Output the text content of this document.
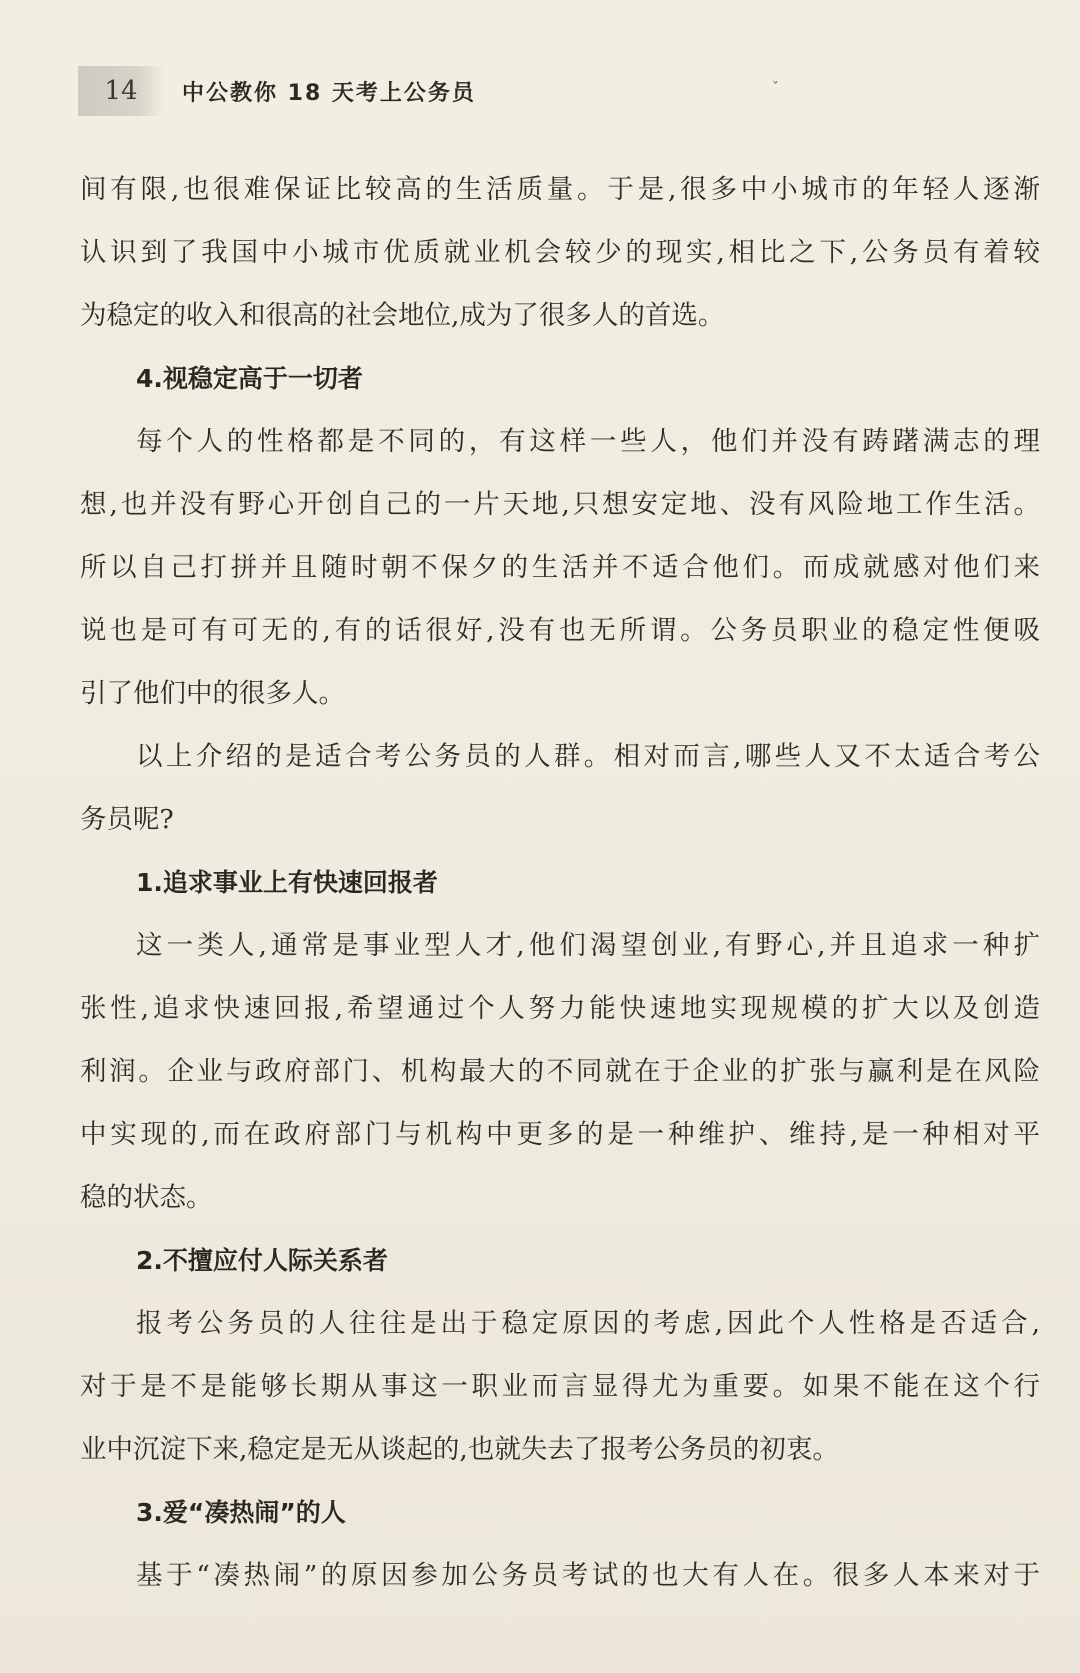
14	中公教你 18 天考上公务员	ˇ
间有限,也很难保证比较高的生活质量。于是,很多中小城市的年轻人逐渐
认识到了我国中小城市优质就业机会较少的现实,相比之下,公务员有着较
为稳定的收入和很高的社会地位,成为了很多人的首选。
4.视稳定高于一切者
每个人的性格都是不同的，有这样一些人，他们并没有踌躇满志的理
想,也并没有野心开创自己的一片天地,只想安定地、没有风险地工作生活。
所以自己打拼并且随时朝不保夕的生活并不适合他们。而成就感对他们来
说也是可有可无的,有的话很好,没有也无所谓。公务员职业的稳定性便吸
引了他们中的很多人。
以上介绍的是适合考公务员的人群。相对而言,哪些人又不太适合考公
务员呢?
1.追求事业上有快速回报者
这一类人,通常是事业型人才,他们渴望创业,有野心,并且追求一种扩
张性,追求快速回报,希望通过个人努力能快速地实现规模的扩大以及创造
利润。企业与政府部门、机构最大的不同就在于企业的扩张与赢利是在风险
中实现的,而在政府部门与机构中更多的是一种维护、维持,是一种相对平
稳的状态。
2.不擅应付人际关系者
报考公务员的人往往是出于稳定原因的考虑,因此个人性格是否适合,
对于是不是能够长期从事这一职业而言显得尤为重要。如果不能在这个行
业中沉淀下来,稳定是无从谈起的,也就失去了报考公务员的初衷。
3.爱“凑热闹”的人
基于“凑热闹”的原因参加公务员考试的也大有人在。很多人本来对于
